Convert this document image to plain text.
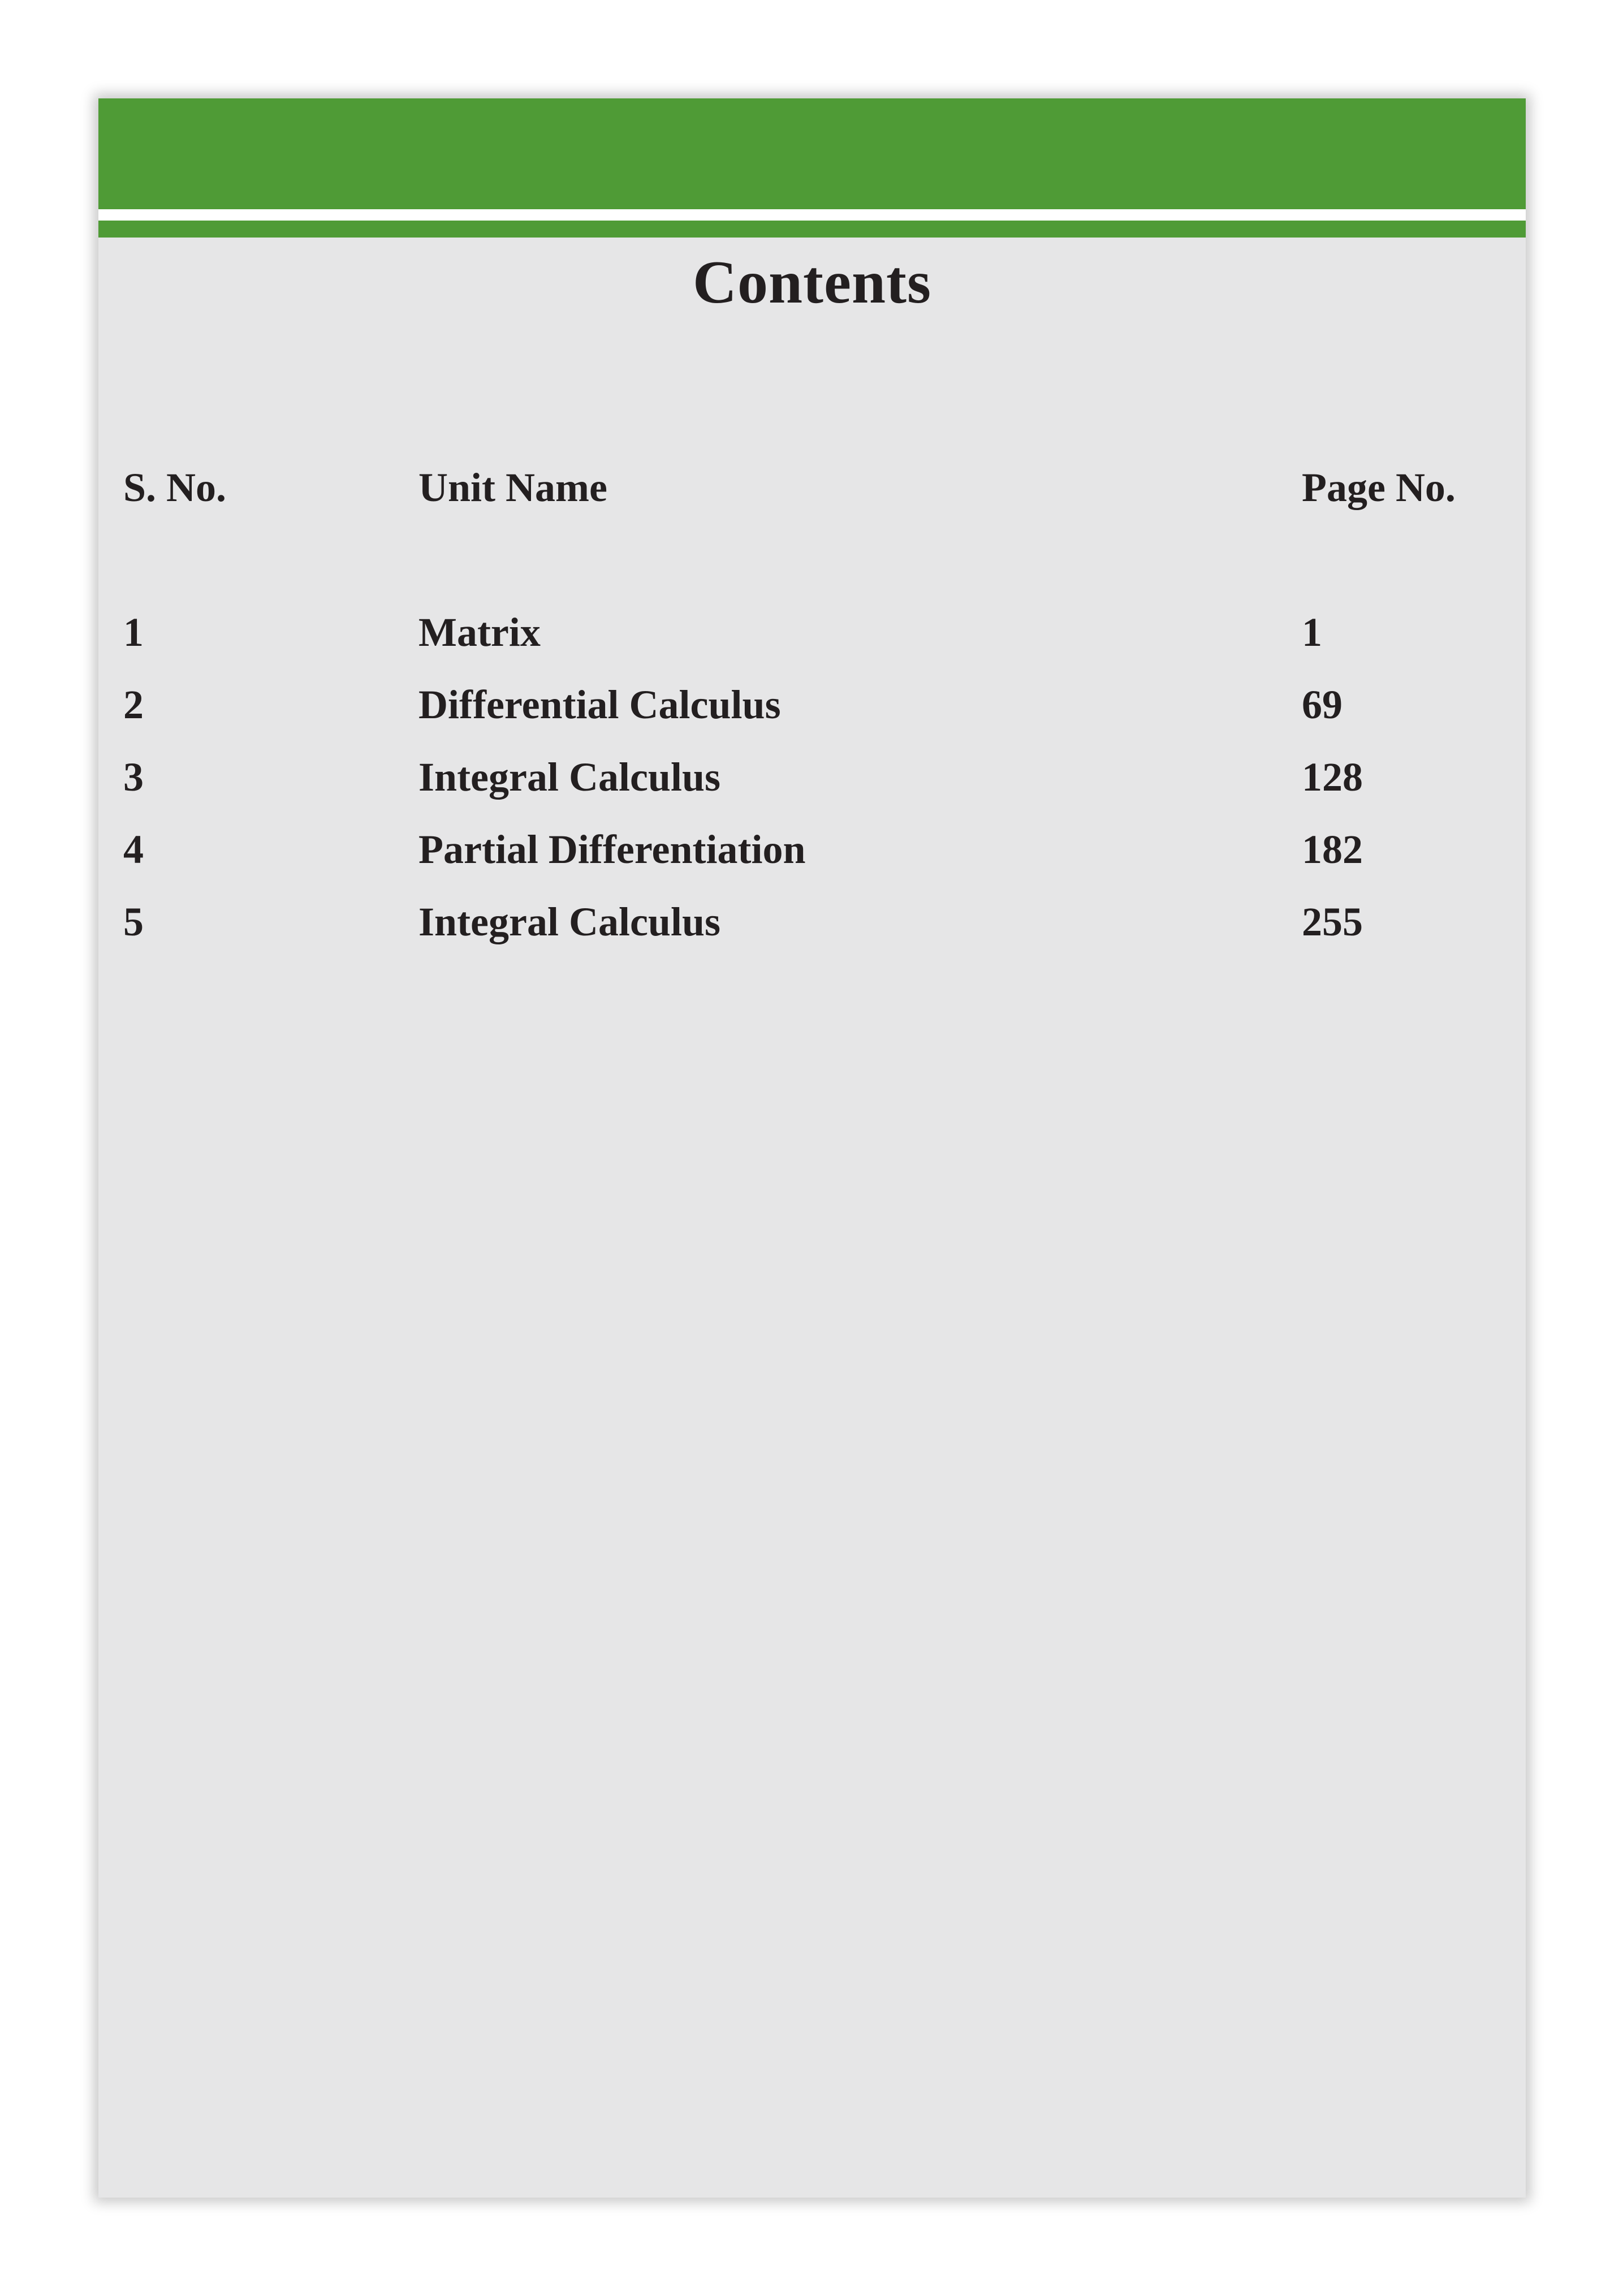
Contents
S. No.	Unit Name	Page No.
1	Matrix	1
2	Differential Calculus	69
3	Integral Calculus	128
4	Partial Differentiation	182
5	Integral Calculus	255
